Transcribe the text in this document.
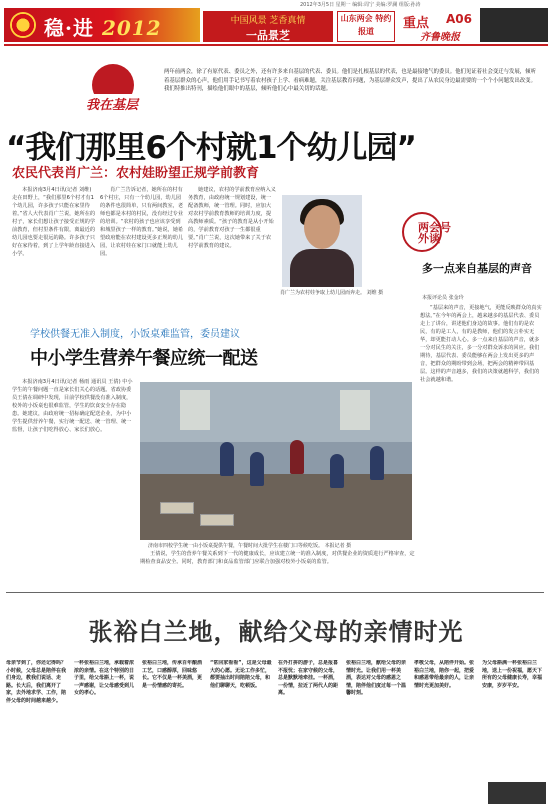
2012年3月5日 星期一 编辑:周宁 美编:罗澜 组版:孙涛
稳·进 2012	中国风景 芝香真情
一品景芝
山东两会 特约报道
重点 A06
齐鲁晚报
我在基层
两年前两会，徐了有原代表、委员之外，还有许多来自基层的代表、委员。他们是扎根基层的代表，也是最接地气的委员。他们见证着社会变迁与发展，倾听着基层群众的心声，他们用手记书写着农村孩子上学、看病难题，关注基层教育问题，为基层群众发声，提出了从农民身边最需要的一个个小问题发出改变。我们特推出特刊，描绘他们眼中的基层，倾听他们心中最关切的话题。
“我们那里6个村就1个幼儿园”
农民代表肖广兰：农村娃盼望正规学前教育

本报济南3月4日讯(记者 刘维) 走在田野上，“我们那里6个村才有1个幼儿园，许多孩子只能在家里待着。”省人大代表肖广兰说，她所在的村子，家长们想让孩子接受正规的学前教育，但村里条件有限，离最近的幼儿园也要走很远的路。许多孩子只好在家待着，到了上学年龄直接进入小学。

肖广兰告诉记者，她所在的村有6个村庄，只有一个幼儿园，幼儿园的条件也很简单，只有两间教室，老师也都是本村的村民，没有经过专业的培训。“农村的孩子也应该享受到和城里孩子一样的教育。”她说，她希望政府能在农村建设更多正规的幼儿园，让农村娃在家门口就能上幼儿园。

她建议，农村的学前教育应纳入义务教育，由政府统一规划建设，统一配备教师，统一管理。同时，应加大对农村学前教育教师的培训力度，提高教师素质。“孩子的教育是从小开始的，学前教育对孩子一生都很重要。”肖广兰说，这次她带来了关于农村学前教育的建议。

肖广兰为农村娃争取上幼儿园而奔走。 刘维 摄
两会号外谈
多一点来自基层的声音
本报评论员 张金玲

“基层来的声音，更接地气，更能反映群众的真实想法。”在今年的两会上，越来越多的基层代表、委员走上了讲台，讲述他们身边的故事。他们有的是农民，有的是工人，有的是教师，他们的发言朴实无华，却更能打动人心。多一点来自基层的声音，就多一分对民生的关注，多一分对群众诉求的回应。我们期待，基层代表、委员能够在两会上发出更多的声音，把群众的期盼带到会场，把两会的精神带回基层。这样的声音越多，我们的决策就越科学，我们的社会就越和谐。

学校供餐无准入制度，小饭桌难监管，委员建议
中小学生营养午餐应统一配送

本报济南3月4日讯(记者 杨雨 通讯员 王倩) 中小学生的午餐问题一直是家长们关心的话题。省政协委员王倩在调研中发现，目前学校供餐没有准入制度，校外的小饭桌也很难监管，学生的饮食安全存在隐患。她建议，由政府统一招标确定配送企业，为中小学生提供营养午餐，实行统一配送、统一管理、统一监督，让孩子们吃得放心、家长们放心。

济南市四校学生统一由小饭桌提供午餐，午餐时间大批学生在楼门口等候吃饭。 本报记者 摄

王倩说，学生的营养午餐关系到下一代的健康成长，应该建立统一的准入制度，对供餐企业的资质进行严格审查，定期检查食品安全。同时，教育部门和食品监管部门应联合加强对校外小饭桌的监管。

张裕白兰地，献给父母的亲情时光
母亲节到了，你还记得吗？小时候，父母总是陪伴在我们身边，教我们说话、走路。长大后，我们离开了家，去外地求学、工作，陪伴父母的时间越来越少。
一杯张裕白兰地，承载着浓浓的亲情。在这个特别的日子里，给父母斟上一杯，说一声感谢，让父母感受到儿女的孝心。
张裕白兰地，传承百年酿酒工艺，口感醇厚，回味悠长。它不仅是一杯美酒，更是一份情感的寄托。
“常回家看看”，这是父母最大的心愿。无论工作多忙，都要抽出时间陪陪父母，和他们聊聊天，吃顿饭。
在外打拼的游子，总是报喜不报忧；在家守候的父母，总是默默地牵挂。一杯酒，一份情，拉近了两代人的距离。
张裕白兰地，献给父母的亲情时光。让我们用一杯美酒，表达对父母的感恩之情，陪伴他们度过每一个温馨时刻。
孝敬父母，从陪伴开始。张裕白兰地，陪你一起，把爱和感恩带给最亲的人，让亲情时光更加美好。
为父母斟满一杯张裕白兰地，送上一份祝福，愿天下所有的父母健康长寿，幸福安康，岁岁平安。
